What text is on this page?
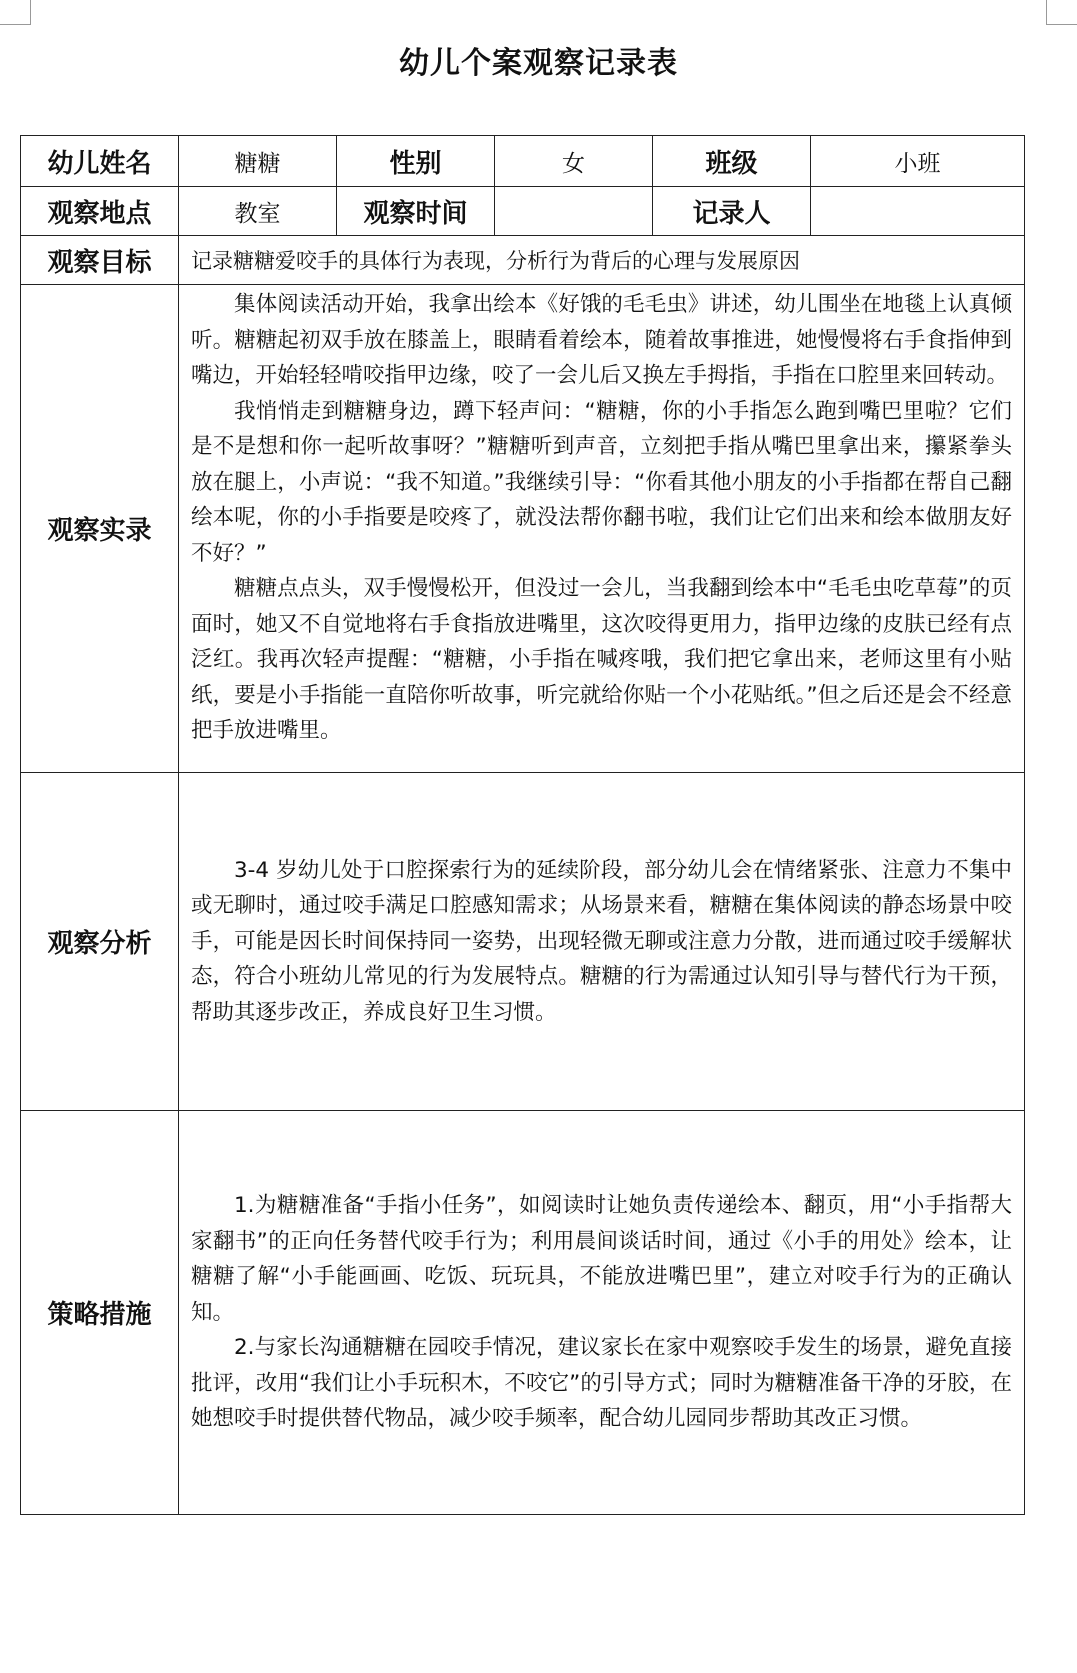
幼儿个案观察记录表
幼儿姓名	糖糖	性别	女	班级	小班
观察地点	教室	观察时间		记录人	
观察目标	记录糖糖爱咬手的具体行为表现，分析行为背后的心理与发展原因				
观察实录	集体阅读活动开始，我拿出绘本《好饿的毛毛虫》讲述，幼儿围坐在地毯上认真倾听。糖糖起初双手放在膝盖上，眼睛看着绘本，随着故事推进，她慢慢将右手食指伸到嘴边，开始轻轻啃咬指甲边缘，咬了一会儿后又换左手拇指，手指在口腔里来回转动。

我悄悄走到糖糖身边，蹲下轻声问：“糖糖，你的小手指怎么跑到嘴巴里啦？它们是不是想和你一起听故事呀？”糖糖听到声音，立刻把手指从嘴巴里拿出来，攥紧拳头放在腿上，小声说：“我不知道。”我继续引导：“你看其他小朋友的小手指都在帮自己翻绘本呢，你的小手指要是咬疼了，就没法帮你翻书啦，我们让它们出来和绘本做朋友好不好？”

糖糖点点头，双手慢慢松开，但没过一会儿，当我翻到绘本中“毛毛虫吃草莓”的页面时，她又不自觉地将右手食指放进嘴里，这次咬得更用力，指甲边缘的皮肤已经有点泛红。我再次轻声提醒：“糖糖，小手指在喊疼哦，我们把它拿出来，老师这里有小贴纸，要是小手指能一直陪你听故事，听完就给你贴一个小花贴纸。”但之后还是会不经意把手放进嘴里。				

观察分析	3-4 岁幼儿处于口腔探索行为的延续阶段，部分幼儿会在情绪紧张、注意力不集中或无聊时，通过咬手满足口腔感知需求；从场景来看，糖糖在集体阅读的静态场景中咬手，可能是因长时间保持同一姿势，出现轻微无聊或注意力分散，进而通过咬手缓解状态，符合小班幼儿常见的行为发展特点。糖糖的行为需通过认知引导与替代行为干预，帮助其逐步改正，养成良好卫生习惯。				

策略措施	1.为糖糖准备“手指小任务”，如阅读时让她负责传递绘本、翻页，用“小手指帮大家翻书”的正向任务替代咬手行为；利用晨间谈话时间，通过《小手的用处》绘本，让糖糖了解“小手能画画、吃饭、玩玩具，不能放进嘴巴里”，建立对咬手行为的正确认知。

2.与家长沟通糖糖在园咬手情况，建议家长在家中观察咬手发生的场景，避免直接批评，改用“我们让小手玩积木，不咬它”的引导方式；同时为糖糖准备干净的牙胶，在她想咬手时提供替代物品，减少咬手频率，配合幼儿园同步帮助其改正习惯。				
